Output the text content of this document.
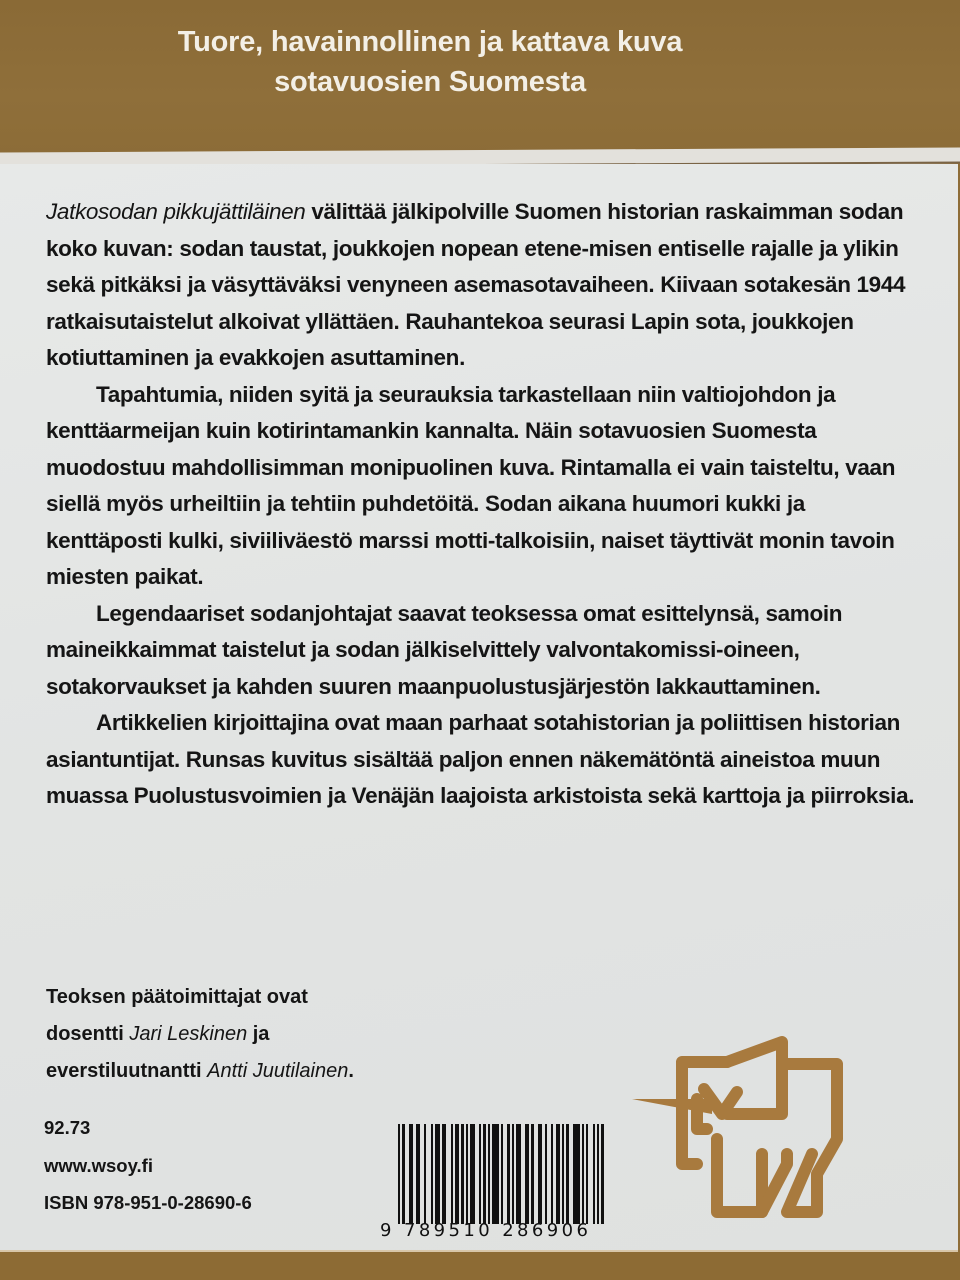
Tuore, havainnollinen ja kattava kuva
sotavuosien Suomesta

Jatkosodan pikkujättiläinen välittää jälkipolville Suomen historian raskaimman sodan koko kuvan: sodan taustat, joukkojen nopean etene-misen entiselle rajalle ja ylikin sekä pitkäksi ja väsyttäväksi venyneen asemasotavaiheen. Kiivaan sotakesän 1944 ratkaisutaistelut alkoivat yllättäen. Rauhantekoa seurasi Lapin sota, joukkojen kotiuttaminen ja evakkojen asuttaminen.

Tapahtumia, niiden syitä ja seurauksia tarkastellaan niin valtiojohdon ja kenttäarmeijan kuin kotirintamankin kannalta. Näin sotavuosien Suomesta muodostuu mahdollisimman monipuolinen kuva. Rintamalla ei vain taisteltu, vaan siellä myös urheiltiin ja tehtiin puhdetöitä. Sodan aikana huumori kukki ja kenttäposti kulki, siviiliväestö marssi motti-talkoisiin, naiset täyttivät monin tavoin miesten paikat.

Legendaariset sodanjohtajat saavat teoksessa omat esittelynsä, samoin maineikkaimmat taistelut ja sodan jälkiselvittely valvontakomissi-oineen, sotakorvaukset ja kahden suuren maanpuolustusjärjestön lakkauttaminen.

Artikkelien kirjoittajina ovat maan parhaat sotahistorian ja poliittisen historian asiantuntijat. Runsas kuvitus sisältää paljon ennen näkemätöntä aineistoa muun muassa Puolustusvoimien ja Venäjän laajoista arkistoista sekä karttoja ja piirroksia.

Teoksen päätoimittajat ovat
dosentti Jari Leskinen ja
everstiluutnantti Antti Juutilainen.
92.73
www.wsoy.fi
ISBN 978-951-0-28690-6
9 789510 286906
